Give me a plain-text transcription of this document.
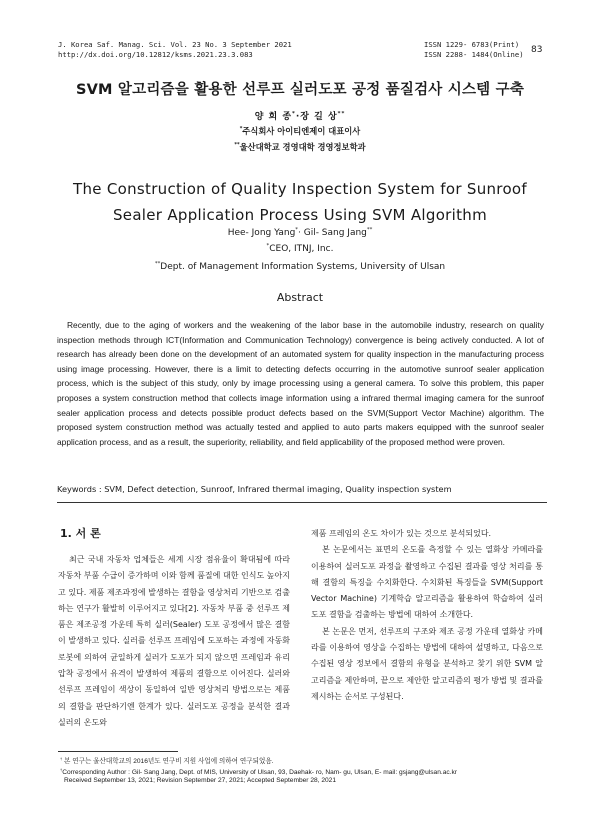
J. Korea Saf. Manag. Sci. Vol. 23 No. 3 September 2021
http://dx.doi.org/10.12812/ksms.2021.23.3.083
ISSN 1229- 6783(Print)
ISSN 2288- 1484(Online) 83
SVM 알고리즘을 활용한 선루프 실러도포 공정 품질검사 시스템 구축
양 희 종*·장 길 상**
*주식회사 아이티엔제이 대표이사
**울산대학교 경영대학 경영정보학과
The Construction of Quality Inspection System for Sunroof
Sealer Application Process Using SVM Algorithm
Hee- Jong Yang*· Gil- Sang Jang**
*CEO, ITNJ, Inc.
**Dept. of Management Information Systems, University of Ulsan
Abstract
Recently, due to the aging of workers and the weakening of the labor base in the automobile industry, research on quality inspection methods through ICT(Information and Communication Technology) convergence is being actively conducted. A lot of research has already been done on the development of an automated system for quality inspection in the manufacturing process using image processing. However, there is a limit to detecting defects occurring in the automotive sunroof sealer application process, which is the subject of this study, only by image processing using a general camera. To solve this problem, this paper proposes a system construction method that collects image information using a infrared thermal imaging camera for the sunroof sealer application process and detects possible product defects based on the SVM(Support Vector Machine) algorithm. The proposed system construction method was actually tested and applied to auto parts makers equipped with the sunroof sealer application process, and as a result, the superiority, reliability, and field applicability of the proposed method were proven.
Keywords : SVM, Defect detection, Sunroof, Infrared thermal imaging, Quality inspection system
1. 서 론

최근 국내 자동차 업체들은 세계 시장 점유율이 확대됨에 따라 자동차 부품 수급이 증가하며 이와 함께 품질에 대한 인식도 높아지고 있다. 제품 제조과정에 발생하는 결함을 영상처리 기반으로 검출 하는 연구가 활발히 이루어지고 있다[2]. 자동차 부품 중 선루프 제품은 제조공정 가운데 특히 실러(Sealer) 도포 공정에서 많은 결함이 발생하고 있다. 실러를 선루프 프레임에 도포하는 과정에 자동화 로봇에 의하여 균일하게 실러가 도포가 되지 않으면 프레임과 유리 압착 공정에서 유격이 발생하여 제품의 결함으로 이어진다. 실러와 선루프 프레임이 색상이 동일하여 일반 영상처리 방법으로는 제품의 결함을 판단하기엔 한계가 있다. 실러도포 공정을 분석한 결과 실러의 온도와

제품 프레임의 온도 차이가 있는 것으로 분석되었다.

본 논문에서는 표면의 온도를 측정할 수 있는 열화상 카메라를 이용하여 실러도포 과정을 촬영하고 수집된 결과를 영상 처리를 통해 결함의 특징을 수치화한다. 수치화된 특징들을 SVM(Support Vector Machine) 기계학습 알고리즘을 활용하여 학습하여 실러 도포 결함을 검출하는 방법에 대하여 소개한다.

본 논문은 먼저, 선루프의 구조와 제조 공정 가운데 열화상 카메라를 이용하여 영상을 수집하는 방법에 대하여 설명하고, 다음으로 수집된 영상 정보에서 결함의 유형을 분석하고 찾기 위한 SVM 알고리즘을 제안하며, 끝으로 제안한 알고리즘의 평가 방법 및 결과를 제시하는 순서로 구성된다.

† 본 연구는 울산대학교의 2016년도 연구비 지원 사업에 의하여 연구되었음.
†Corresponding Author : Gil- Sang Jang, Dept. of MIS, University of Ulsan, 93, Daehak- ro, Nam- gu, Ulsan, E- mail: gsjang@ulsan.ac.kr
Received September 13, 2021; Revision September 27, 2021; Accepted September 28, 2021
